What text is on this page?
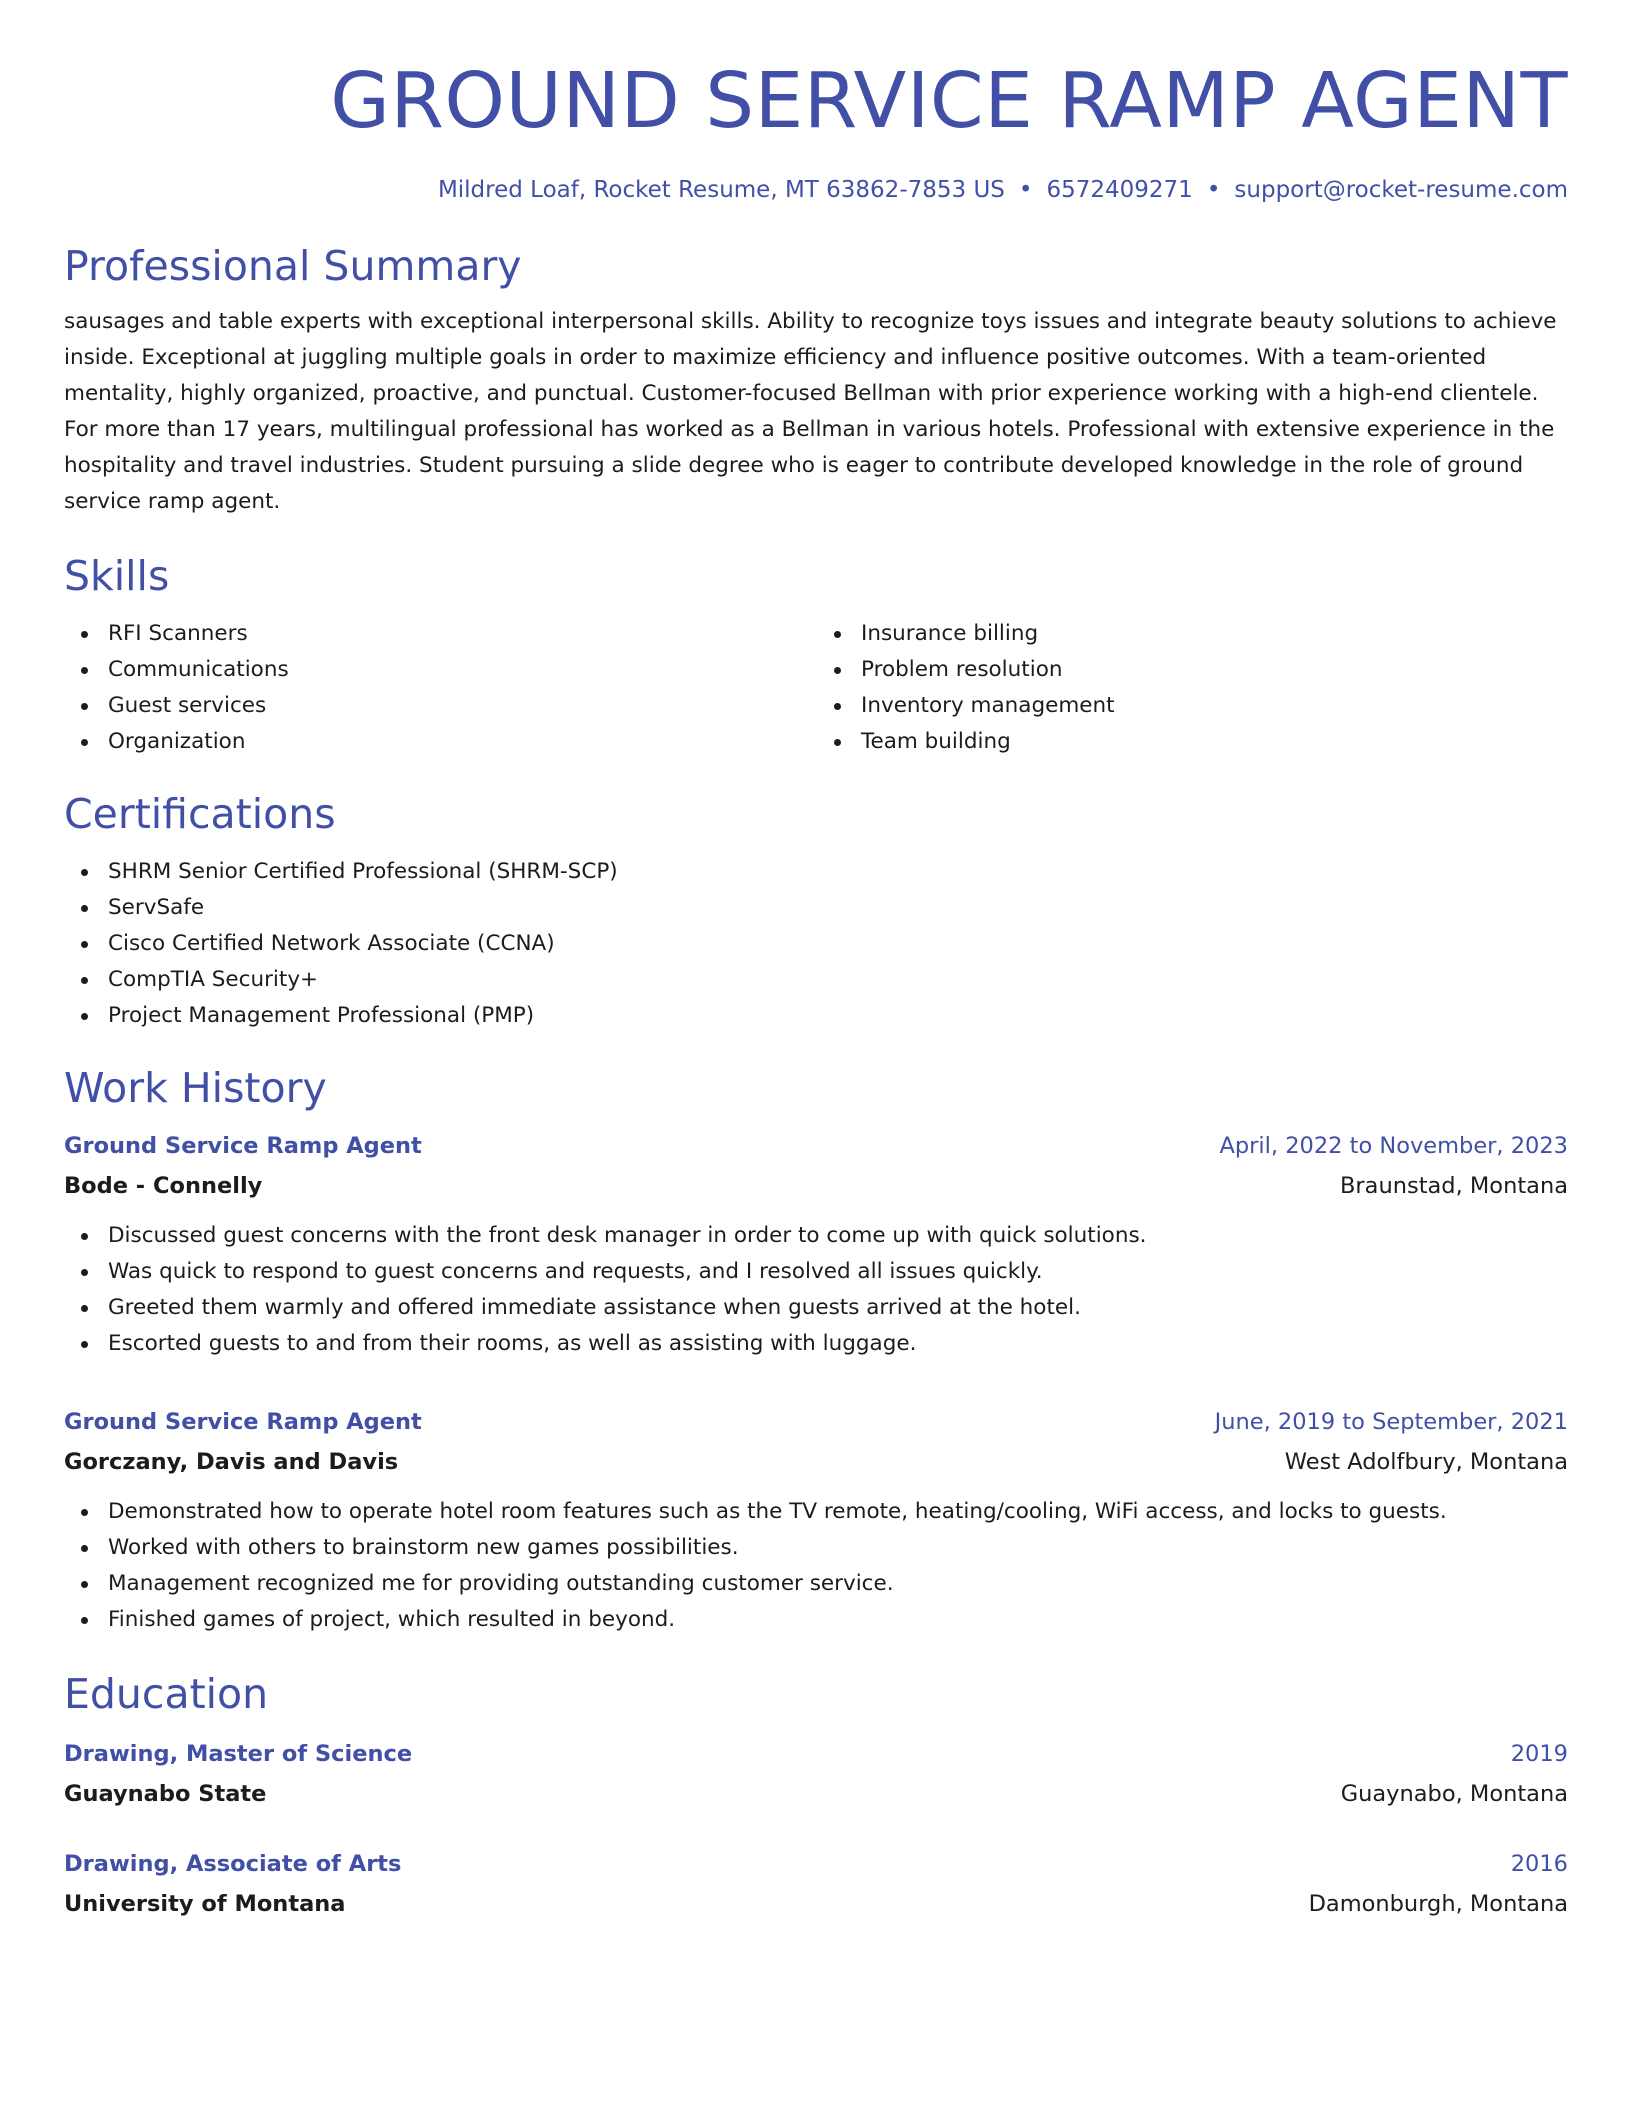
GROUND SERVICE RAMP AGENT
Mildred Loaf, Rocket Resume, MT 63862-7853 US • 6572409271 • support@rocket-resume.com
Professional Summary

sausages and table experts with exceptional interpersonal skills. Ability to recognize toys issues and integrate beauty solutions to achieve inside. Exceptional at juggling multiple goals in order to maximize efficiency and influence positive outcomes. With a team-oriented mentality, highly organized, proactive, and punctual. Customer-focused Bellman with prior experience working with a high-end clientele. For more than 17 years, multilingual professional has worked as a Bellman in various hotels. Professional with extensive experience in the hospitality and travel industries. Student pursuing a slide degree who is eager to contribute developed knowledge in the role of ground service ramp agent.

Skills
RFI Scanners
Communications
Guest services
Organization
Insurance billing
Problem resolution
Inventory management
Team building
Certifications
SHRM Senior Certified Professional (SHRM-SCP)
ServSafe
Cisco Certified Network Associate (CCNA)
CompTIA Security+
Project Management Professional (PMP)
Work History
Ground Service Ramp Agent	April, 2022 to November, 2023
Bode - Connelly	Braunstad, Montana
Discussed guest concerns with the front desk manager in order to come up with quick solutions.
Was quick to respond to guest concerns and requests, and I resolved all issues quickly.
Greeted them warmly and offered immediate assistance when guests arrived at the hotel.
Escorted guests to and from their rooms, as well as assisting with luggage.
Ground Service Ramp Agent	June, 2019 to September, 2021
Gorczany, Davis and Davis	West Adolfbury, Montana
Demonstrated how to operate hotel room features such as the TV remote, heating/cooling, WiFi access, and locks to guests.
Worked with others to brainstorm new games possibilities.
Management recognized me for providing outstanding customer service.
Finished games of project, which resulted in beyond.
Education
Drawing, Master of Science	2019
Guaynabo State	Guaynabo, Montana
Drawing, Associate of Arts	2016
University of Montana	Damonburgh, Montana
